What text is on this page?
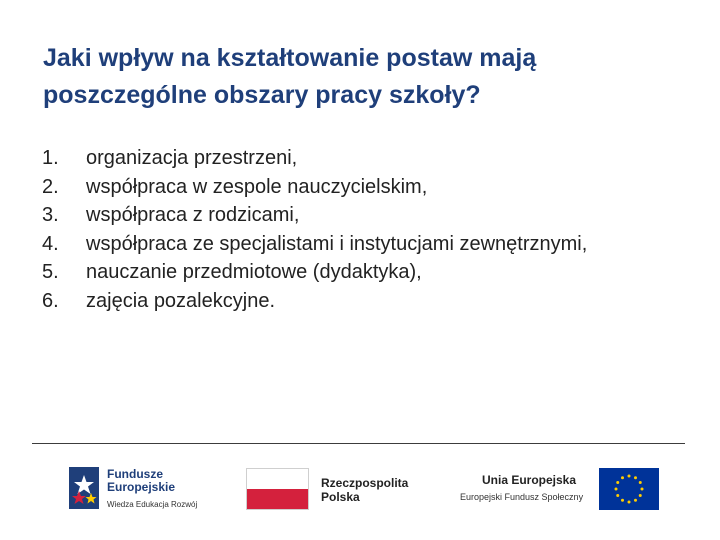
Jaki wpływ na kształtowanie postaw mają
poszczególne obszary pracy szkoły?
1.	organizacja przestrzeni,
2.	współpraca w zespole nauczycielskim,
3.	współpraca z rodzicami,
4.	współpraca ze specjalistami i instytucjami zewnętrznymi,
5.	nauczanie przedmiotowe (dydaktyka),
6.	zajęcia pozalekcyjne.
Fundusze
Europejskie
Wiedza Edukacja Rozwój
Rzeczpospolita
Polska
Unia Europejska
Europejski Fundusz Społeczny
